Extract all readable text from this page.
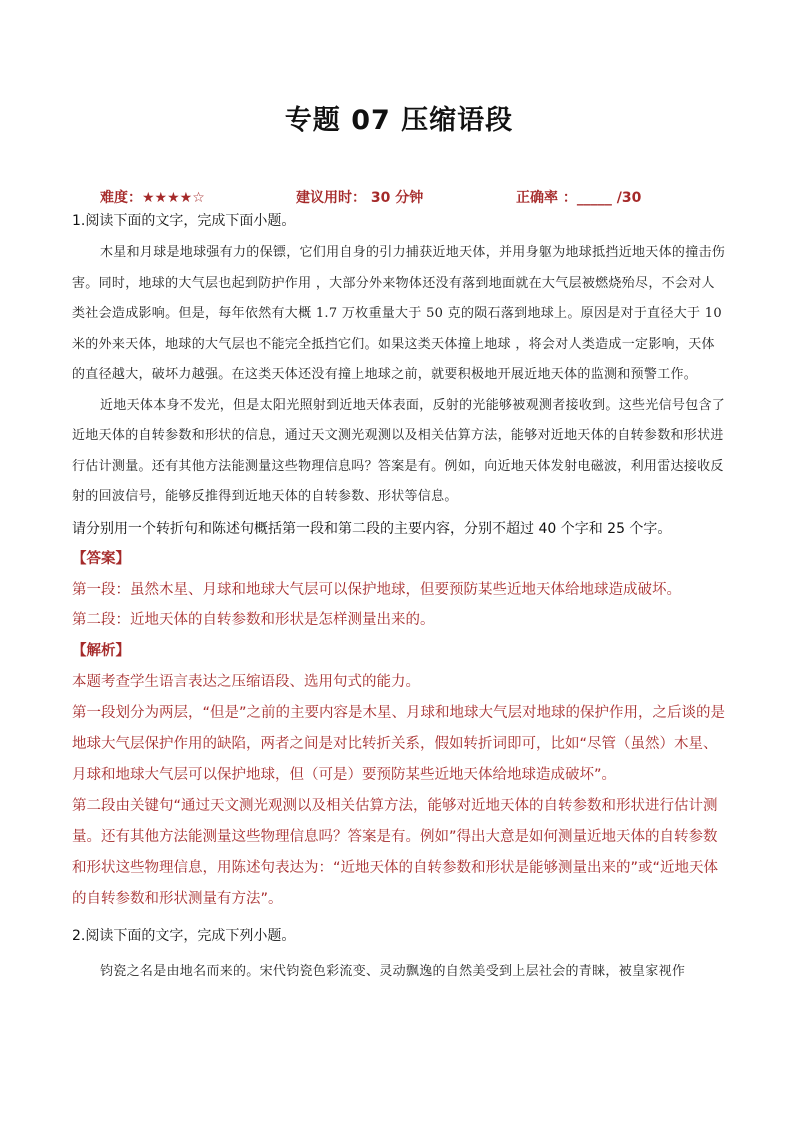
专题 07 压缩语段
难度：★★★★☆	建议用时： 30 分钟	正确率 ：_____ /30

1.阅读下面的文字，完成下面小题。

木星和月球是地球强有力的保镖，它们用自身的引力捕获近地天体，并用身躯为地球抵挡近地天体的撞击伤害。同时，地球的大气层也起到防护作用 ，大部分外来物体还没有落到地面就在大气层被燃烧殆尽，不会对人类社会造成影响。但是，每年依然有大概 1.7 万枚重量大于 50 克的陨石落到地球上。原因是对于直径大于 10 米的外来天体，地球的大气层也不能完全抵挡它们。如果这类天体撞上地球 ，将会对人类造成一定影响，天体的直径越大，破坏力越强。在这类天体还没有撞上地球之前，就要积极地开展近地天体的监测和预警工作。

近地天体本身不发光，但是太阳光照射到近地天体表面，反射的光能够被观测者接收到。这些光信号包含了近地天体的自转参数和形状的信息，通过天文测光观测以及相关估算方法，能够对近地天体的自转参数和形状进行估计测量。还有其他方法能测量这些物理信息吗？答案是有。例如，向近地天体发射电磁波，利用雷达接收反射的回波信号，能够反推得到近地天体的自转参数、形状等信息。

请分别用一个转折句和陈述句概括第一段和第二段的主要内容，分别不超过 40 个字和 25 个字。

【答案】

第一段：虽然木星、月球和地球大气层可以保护地球，但要预防某些近地天体给地球造成破坏。

第二段：近地天体的自转参数和形状是怎样测量出来的。

【解析】

本题考查学生语言表达之压缩语段、选用句式的能力。

第一段划分为两层，“但是”之前的主要内容是木星、月球和地球大气层对地球的保护作用，之后谈的是地球大气层保护作用的缺陷，两者之间是对比转折关系，假如转折词即可，比如“尽管（虽然）木星、月球和地球大气层可以保护地球，但（可是）要预防某些近地天体给地球造成破坏”。

第二段由关键句“通过天文测光观测以及相关估算方法，能够对近地天体的自转参数和形状进行估计测量。还有其他方法能测量这些物理信息吗？答案是有。例如”得出大意是如何测量近地天体的自转参数和形状这些物理信息，用陈述句表达为：“近地天体的自转参数和形状是能够测量出来的”或“近地天体的自转参数和形状测量有方法”。

2.阅读下面的文字，完成下列小题。

钧瓷之名是由地名而来的。宋代钧瓷色彩流变、灵动飘逸的自然美受到上层社会的青睐，被皇家视作
